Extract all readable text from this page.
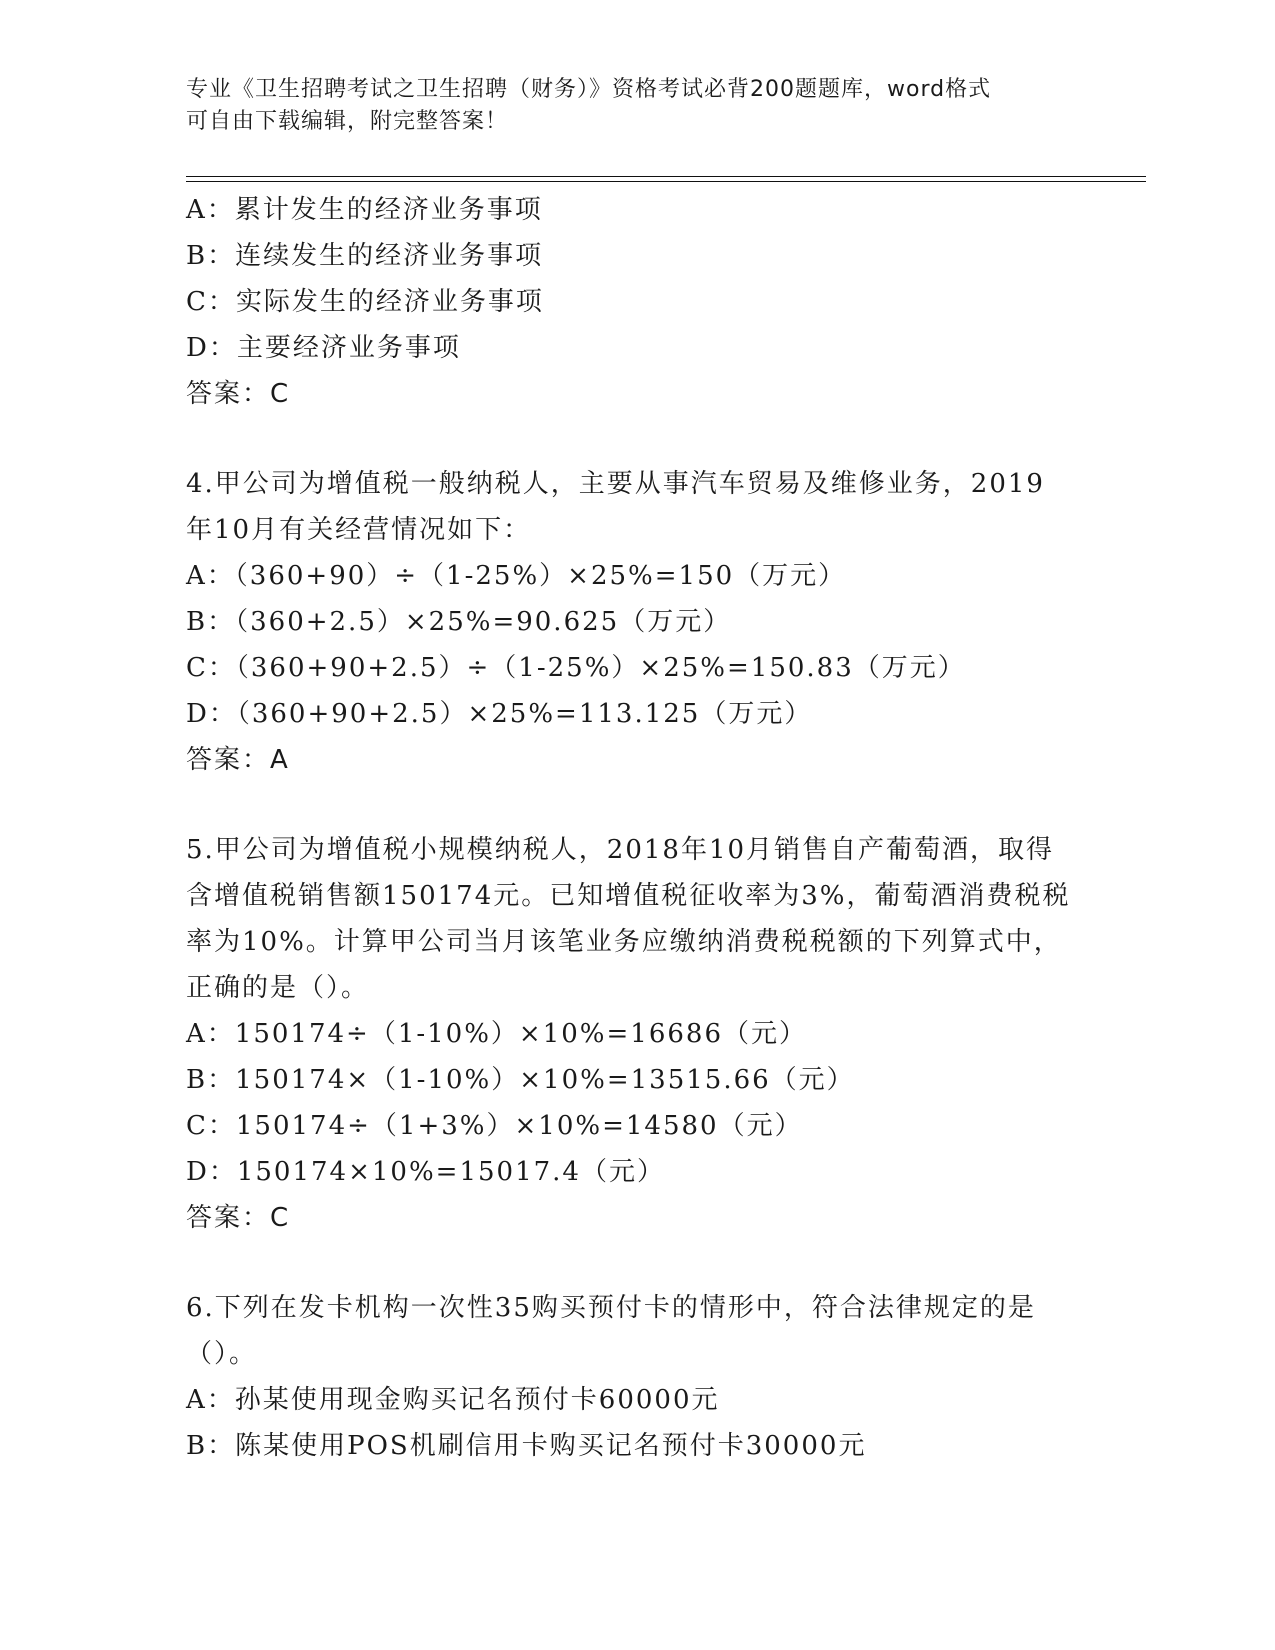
专业《卫生招聘考试之卫生招聘（财务）》资格考试必背200题题库，word格式
可自由下载编辑，附完整答案！
A：累计发生的经济业务事项
B：连续发生的经济业务事项
C：实际发生的经济业务事项
D：主要经济业务事项
答案：C
4.甲公司为增值税一般纳税人，主要从事汽车贸易及维修业务，2019
年10月有关经营情况如下：
A：（360+90）÷（1-25%）×25%=150（万元）
B：（360+2.5）×25%=90.625（万元）
C：（360+90+2.5）÷（1-25%）×25%=150.83（万元）
D：（360+90+2.5）×25%=113.125（万元）
答案：A
5.甲公司为增值税小规模纳税人，2018年10月销售自产葡萄酒，取得
含增值税销售额150174元。已知增值税征收率为3%，葡萄酒消费税税
率为10%。计算甲公司当月该笔业务应缴纳消费税税额的下列算式中，
正确的是（）。
A：150174÷（1-10%）×10%=16686（元）
B：150174×（1-10%）×10%=13515.66（元）
C：150174÷（1+3%）×10%=14580（元）
D：150174×10%=15017.4（元）
答案：C
6.下列在发卡机构一次性35购买预付卡的情形中，符合法律规定的是
（）。
A：孙某使用现金购买记名预付卡60000元
B：陈某使用POS机刷信用卡购买记名预付卡30000元
